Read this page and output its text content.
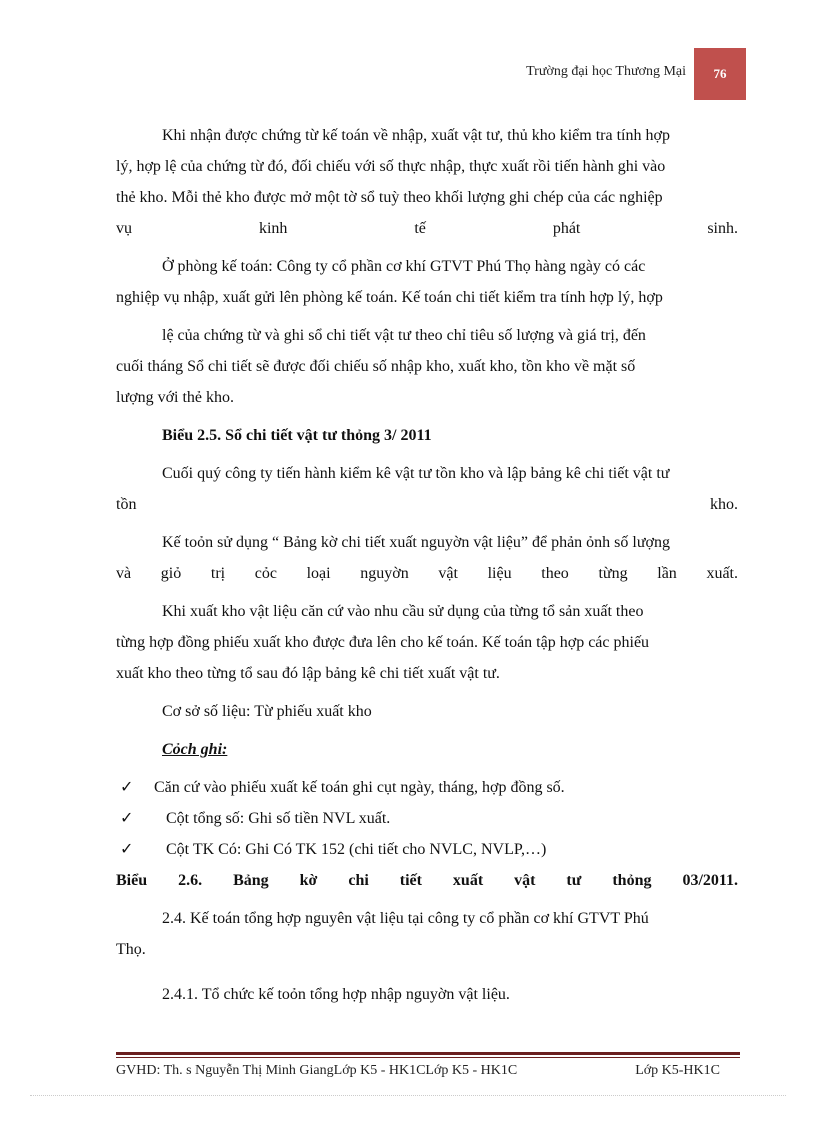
Trường đại học Thương Mại	76

Khi nhận được chứng từ kế toán về nhập, xuất vật tư, thủ kho kiểm tra tính hợp

lý, hợp lệ của chứng từ đó, đối chiếu với số thực nhập, thực xuất rồi tiến hành ghi vào

thẻ kho. Mỗi thẻ kho được mở một tờ sổ tuỳ theo khối lượng ghi chép của các nghiệp

vụ kinh tế phát sinh.

Ở phòng kế toán: Công ty cổ phần cơ khí GTVT Phú Thọ hàng ngày có các

nghiệp vụ nhập, xuất gửi lên phòng kế toán. Kế toán chi tiết kiểm tra tính hợp lý, hợp

lệ của chứng từ và ghi sổ chi tiết vật tư theo chỉ tiêu số lượng và giá trị, đến

cuối tháng Sổ chi tiết sẽ được đối chiếu số nhập kho, xuất kho, tồn kho về mặt số

lượng với thẻ kho.

Biểu 2.5. Sổ chi tiết vật tư thỏng 3/ 2011

Cuối quý công ty tiến hành kiểm kê vật tư tồn kho và lập bảng kê chi tiết vật tư

tồn kho.

Kế toỏn sử dụng “ Bảng kờ chi tiết xuất nguyờn vật liệu” để phản ỏnh số lượng

và giỏ trị cỏc loại nguyờn vật liệu theo từng lần xuất.

Khi xuất kho vật liệu căn cứ vào nhu cầu sử dụng của từng tổ sản xuất theo

từng hợp đồng phiếu xuất kho được đưa lên cho kế toán. Kế toán tập hợp các phiếu

xuất kho theo từng tổ sau đó lập bảng kê chi tiết xuất vật tư.

Cơ sở số liệu: Từ phiếu xuất kho

Cỏch ghi:

✓	Căn cứ vào phiếu xuất kế toán ghi cụt ngày, tháng, hợp đồng số.
✓	Cột tổng số: Ghi số tiền NVL xuất.
✓	Cột TK Có: Ghi Có TK 152 (chi tiết cho NVLC, NVLP,…)

Biểu 2.6. Bảng kờ chi tiết xuất vật tư thỏng 03/2011.

2.4. Kế toán tổng hợp nguyên vật liệu tại công ty cổ phần cơ khí GTVT Phú

Thọ.

2.4.1. Tổ chức kế toỏn tổng hợp nhập nguyờn vật liệu.

GVHD: Th. s Nguyễn Thị Minh GiangLớp K5 - HK1CLớp K5 - HK1C	Lớp K5-HK1C
